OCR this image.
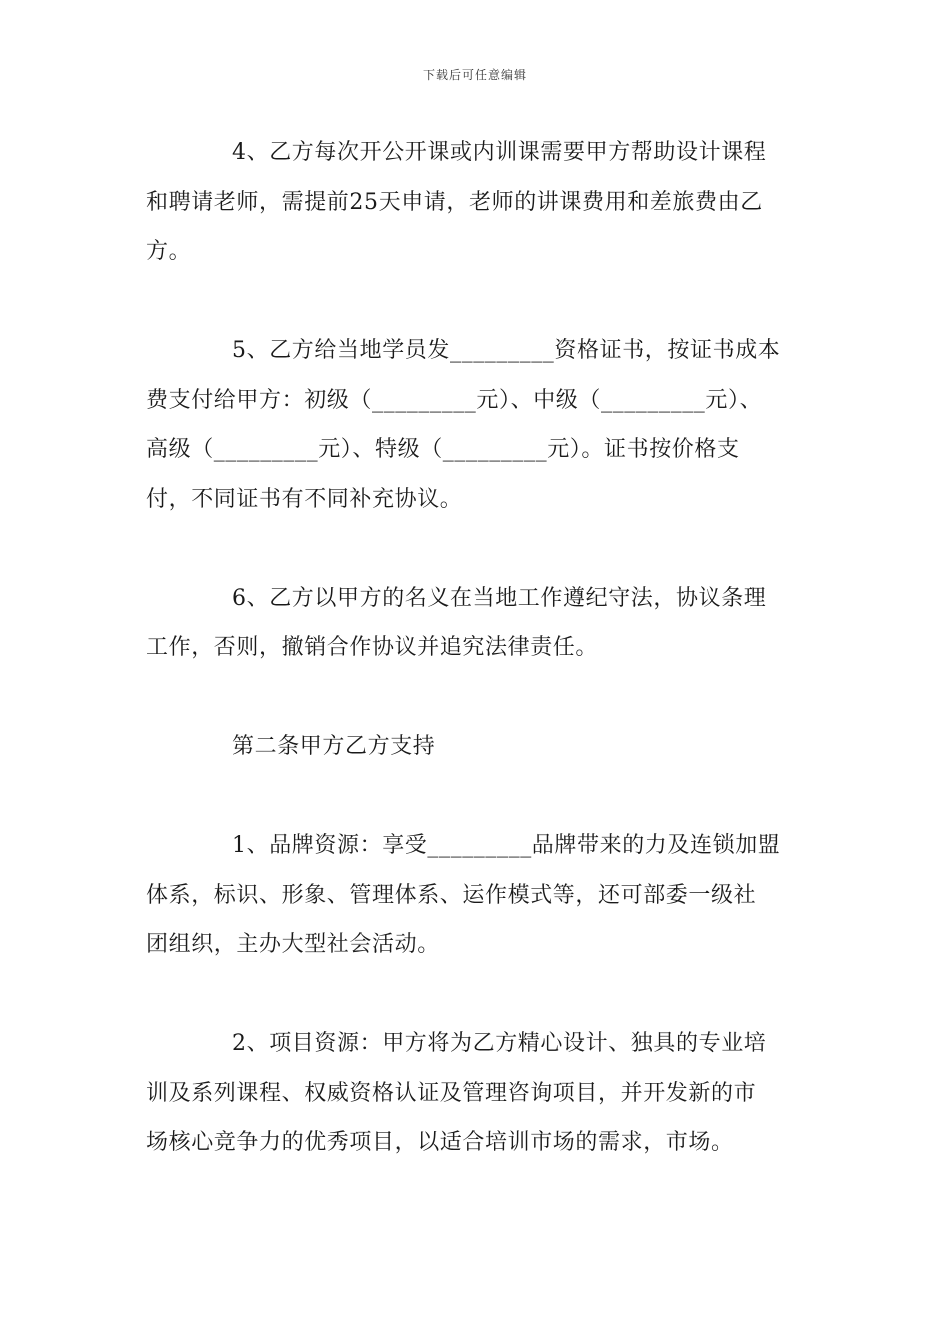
下载后可任意编辑
4、乙方每次开公开课或内训课需要甲方帮助设计课程
和聘请老师，需提前25天申请，老师的讲课费用和差旅费由乙
方。
5、乙方给当地学员发_________资格证书，按证书成本
费支付给甲方：初级（_________元）、中级（_________元）、
高级（_________元）、特级（_________元）。证书按价格支
付，不同证书有不同补充协议。
6、乙方以甲方的名义在当地工作遵纪守法，协议条理
工作，否则，撤销合作协议并追究法律责任。
第二条甲方乙方支持
1、品牌资源：享受_________品牌带来的力及连锁加盟
体系，标识、形象、管理体系、运作模式等，还可部委一级社
团组织，主办大型社会活动。
2、项目资源：甲方将为乙方精心设计、独具的专业培
训及系列课程、权威资格认证及管理咨询项目，并开发新的市
场核心竞争力的优秀项目，以适合培训市场的需求，市场。
